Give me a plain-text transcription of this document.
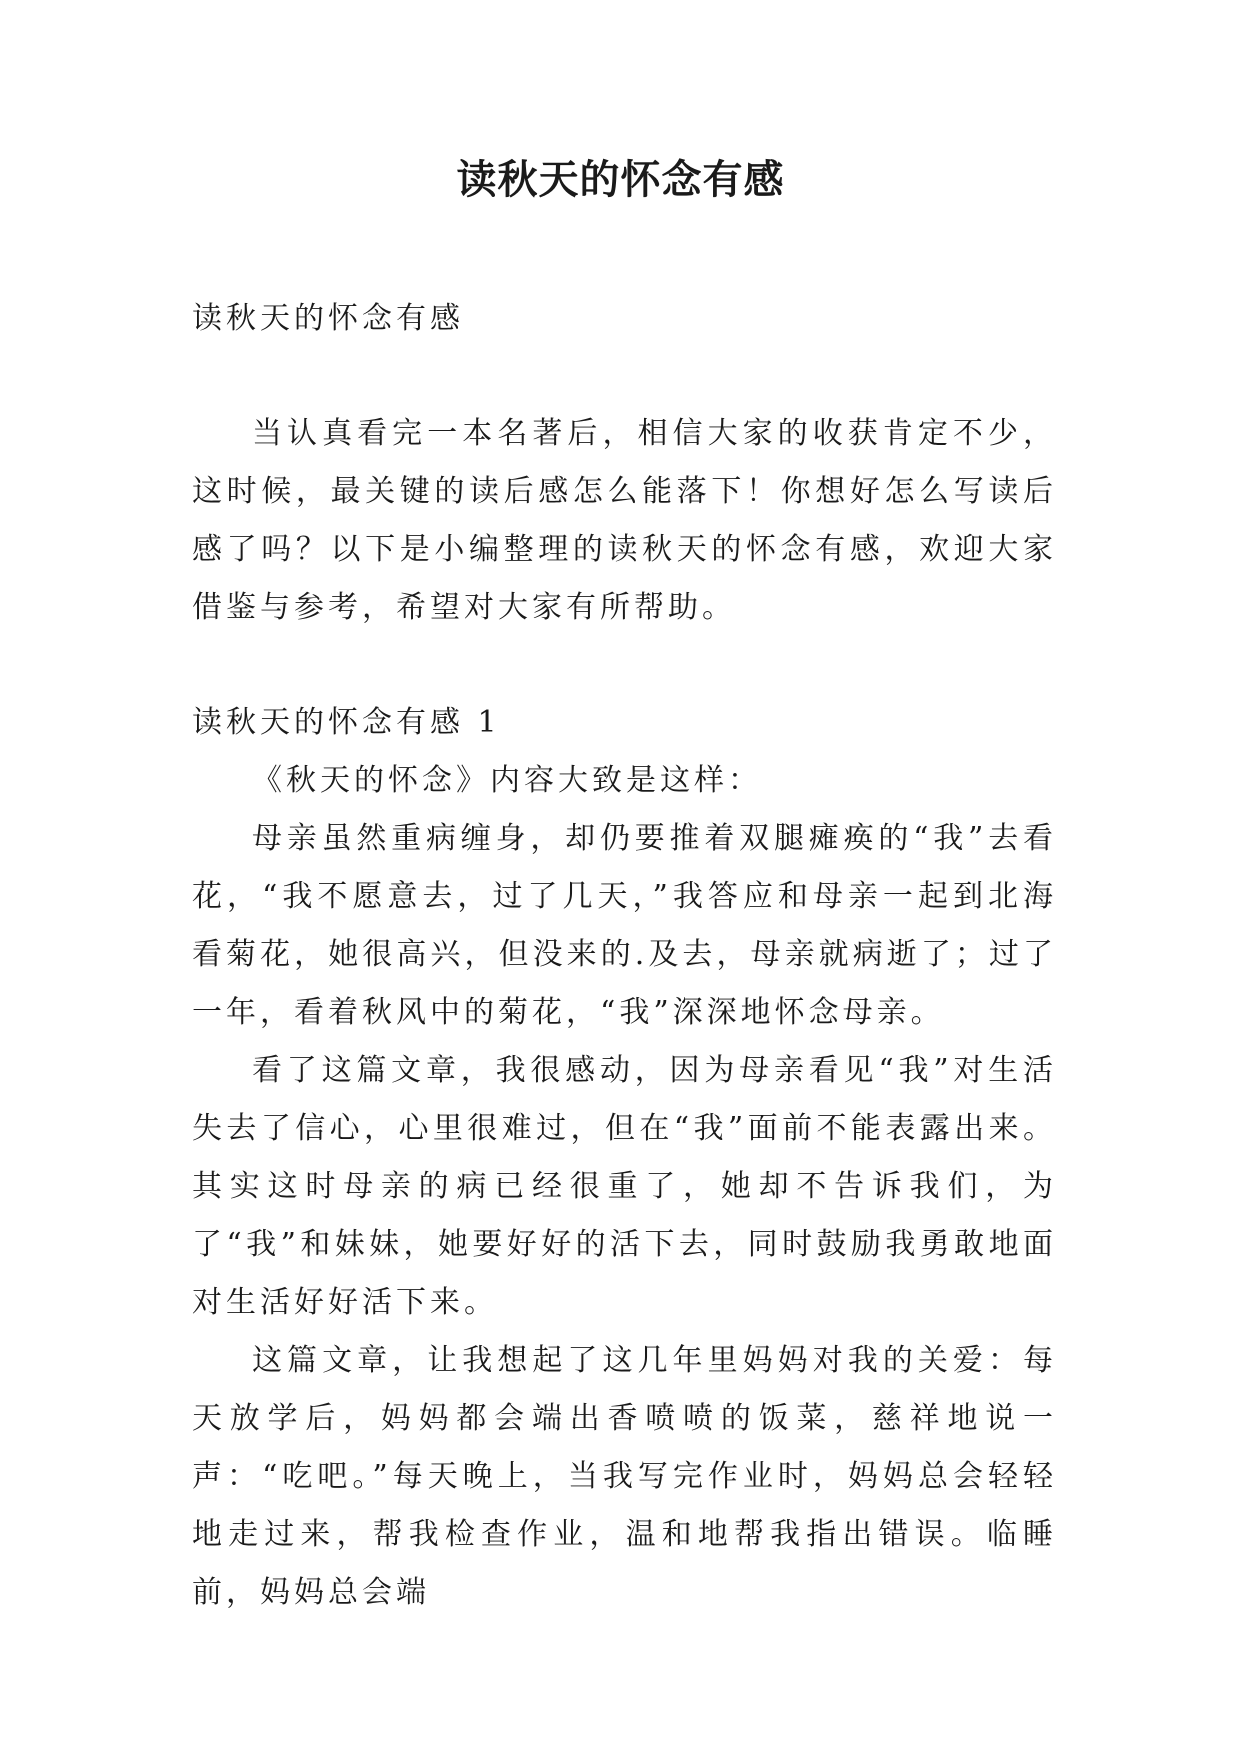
读秋天的怀念有感
读秋天的怀念有感

当认真看完一本名著后，相信大家的收获肯定不少，这时候，最关键的读后感怎么能落下！你想好怎么写读后感了吗？以下是小编整理的读秋天的怀念有感，欢迎大家借鉴与参考，希望对大家有所帮助。

读秋天的怀念有感 1

《秋天的怀念》内容大致是这样：

母亲虽然重病缠身，却仍要推着双腿瘫痪的“我”去看花，“我不愿意去，过了几天，”我答应和母亲一起到北海看菊花，她很高兴，但没来的.及去，母亲就病逝了；过了一年，看着秋风中的菊花，“我”深深地怀念母亲。

看了这篇文章，我很感动，因为母亲看见“我”对生活失去了信心，心里很难过，但在“我”面前不能表露出来。其实这时母亲的病已经很重了，她却不告诉我们，为了“我”和妹妹，她要好好的活下去，同时鼓励我勇敢地面对生活好好活下来。

这篇文章，让我想起了这几年里妈妈对我的关爱：每天放学后，妈妈都会端出香喷喷的饭菜，慈祥地说一声：“吃吧。”每天晚上，当我写完作业时，妈妈总会轻轻地走过来，帮我检查作业，温和地帮我指出错误。临睡前，妈妈总会端
